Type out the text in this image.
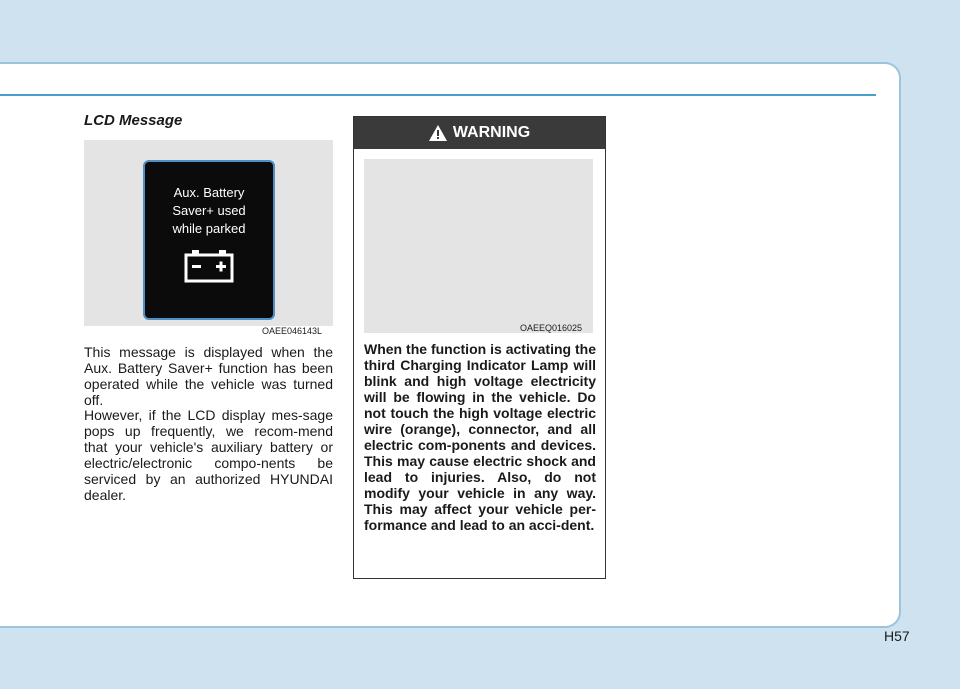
LCD Message
Aux. Battery
Saver+ used
while parked
OAEE046143L

This message is displayed when the Aux. Battery Saver+ function has been operated while the vehicle was turned off.

However, if the LCD display mes-sage pops up frequently, we recom-mend that your vehicle's auxiliary battery or electric/electronic compo-nents be serviced by an authorized HYUNDAI dealer.

WARNING
OAEEQ016025

When the function is activating the third Charging Indicator Lamp will blink and high voltage electricity will be flowing in the vehicle. Do not touch the high voltage electric wire (orange), connector, and all electric com-ponents and devices. This may cause electric shock and lead to injuries. Also, do not modify your vehicle in any way. This may affect your vehicle per-formance and lead to an acci-dent.

H57
